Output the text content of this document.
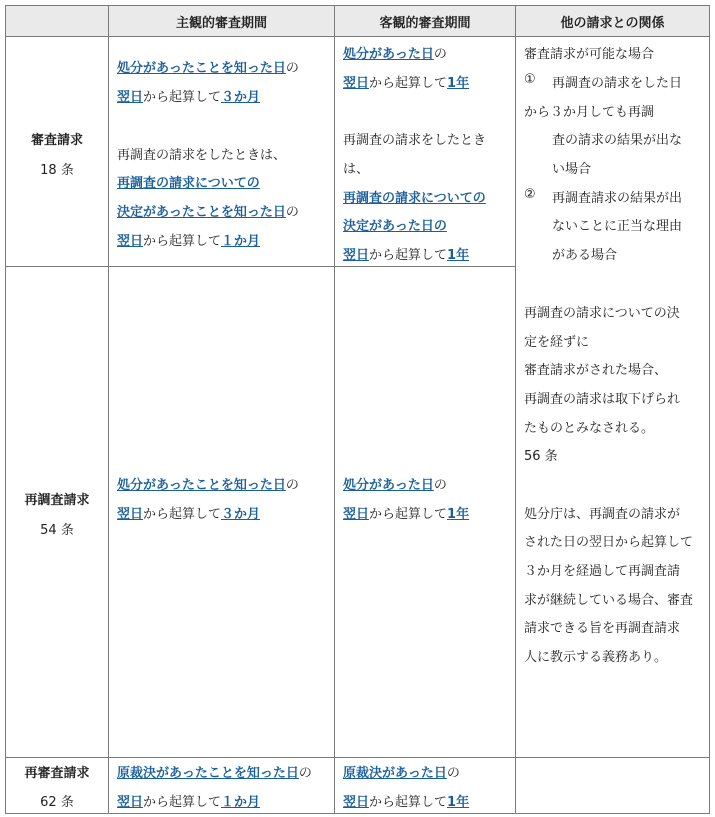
主観的審査期間	客観的審査期間	他の請求との関係
審査請求
18 条
処分があったことを知った日の
翌日から起算して３か月
再調査の請求をしたときは、
再調査の請求についての
決定があったことを知った日の
翌日から起算して１か月
処分があった日の
翌日から起算して1年
再調査の請求をしたとき
は、
再調査の請求についての
決定があった日の
翌日から起算して1年
審査請求が可能な場合
① 再調査の請求をした日
から３か月しても再調
査の請求の結果が出な
い場合
② 再調査請求の結果が出
ないことに正当な理由
がある場合
再調査の請求についての決
定を経ずに
審査請求がされた場合、
再調査の請求は取下げられ
たものとみなされる。
56 条
処分庁は、再調査の請求が
された日の翌日から起算して
３か月を経過して再調査請
求が継続している場合、審査
請求できる旨を再調査請求
人に教示する義務あり。
再調査請求
54 条
処分があったことを知った日の
翌日から起算して３か月
処分があった日の
翌日から起算して1年
再審査請求
62 条
原裁決があったことを知った日の
翌日から起算して１か月
原裁決があった日の
翌日から起算して1年
